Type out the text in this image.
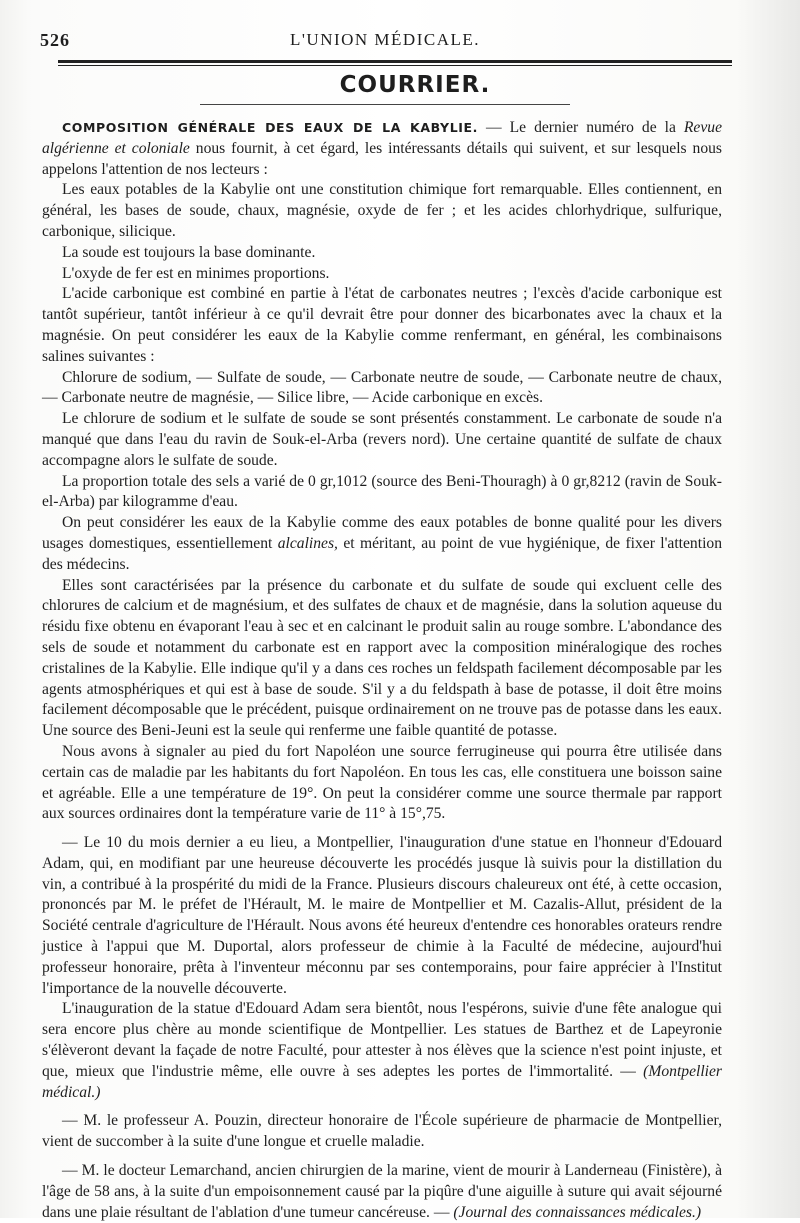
526	L'UNION MÉDICALE.
COURRIER.

COMPOSITION GÉNÉRALE DES EAUX DE LA KABYLIE. — Le dernier numéro de la Revue algérienne et coloniale nous fournit, à cet égard, les intéressants détails qui suivent, et sur lesquels nous appelons l'attention de nos lecteurs :

Les eaux potables de la Kabylie ont une constitution chimique fort remarquable. Elles contiennent, en général, les bases de soude, chaux, magnésie, oxyde de fer ; et les acides chlorhydrique, sulfurique, carbonique, silicique.

La soude est toujours la base dominante.

L'oxyde de fer est en minimes proportions.

L'acide carbonique est combiné en partie à l'état de carbonates neutres ; l'excès d'acide carbonique est tantôt supérieur, tantôt inférieur à ce qu'il devrait être pour donner des bicarbonates avec la chaux et la magnésie. On peut considérer les eaux de la Kabylie comme renfermant, en général, les combinaisons salines suivantes :

Chlorure de sodium, — Sulfate de soude, — Carbonate neutre de soude, — Carbonate neutre de chaux, — Carbonate neutre de magnésie, — Silice libre, — Acide carbonique en excès.

Le chlorure de sodium et le sulfate de soude se sont présentés constamment. Le carbonate de soude n'a manqué que dans l'eau du ravin de Souk-el-Arba (revers nord). Une certaine quantité de sulfate de chaux accompagne alors le sulfate de soude.

La proportion totale des sels a varié de 0 gr,1012 (source des Beni-Thouragh) à 0 gr,8212 (ravin de Souk-el-Arba) par kilogramme d'eau.

On peut considérer les eaux de la Kabylie comme des eaux potables de bonne qualité pour les divers usages domestiques, essentiellement alcalines, et méritant, au point de vue hygiénique, de fixer l'attention des médecins.

Elles sont caractérisées par la présence du carbonate et du sulfate de soude qui excluent celle des chlorures de calcium et de magnésium, et des sulfates de chaux et de magnésie, dans la solution aqueuse du résidu fixe obtenu en évaporant l'eau à sec et en calcinant le produit salin au rouge sombre. L'abondance des sels de soude et notamment du carbonate est en rapport avec la composition minéralogique des roches cristalines de la Kabylie. Elle indique qu'il y a dans ces roches un feldspath facilement décomposable par les agents atmosphériques et qui est à base de soude. S'il y a du feldspath à base de potasse, il doit être moins facilement décomposable que le précédent, puisque ordinairement on ne trouve pas de potasse dans les eaux. Une source des Beni-Jeuni est la seule qui renferme une faible quantité de potasse.

Nous avons à signaler au pied du fort Napoléon une source ferrugineuse qui pourra être utilisée dans certain cas de maladie par les habitants du fort Napoléon. En tous les cas, elle constituera une boisson saine et agréable. Elle a une température de 19°. On peut la considérer comme une source thermale par rapport aux sources ordinaires dont la température varie de 11° à 15°,75.

— Le 10 du mois dernier a eu lieu, a Montpellier, l'inauguration d'une statue en l'honneur d'Edouard Adam, qui, en modifiant par une heureuse découverte les procédés jusque là suivis pour la distillation du vin, a contribué à la prospérité du midi de la France. Plusieurs discours chaleureux ont été, à cette occasion, prononcés par M. le préfet de l'Hérault, M. le maire de Montpellier et M. Cazalis-Allut, président de la Société centrale d'agriculture de l'Hérault. Nous avons été heureux d'entendre ces honorables orateurs rendre justice à l'appui que M. Duportal, alors professeur de chimie à la Faculté de médecine, aujourd'hui professeur honoraire, prêta à l'inventeur méconnu par ses contemporains, pour faire apprécier à l'Institut l'importance de la nouvelle découverte.

L'inauguration de la statue d'Edouard Adam sera bientôt, nous l'espérons, suivie d'une fête analogue qui sera encore plus chère au monde scientifique de Montpellier. Les statues de Barthez et de Lapeyronie s'élèveront devant la façade de notre Faculté, pour attester à nos élèves que la science n'est point injuste, et que, mieux que l'industrie même, elle ouvre à ses adeptes les portes de l'immortalité. — (Montpellier médical.)

— M. le professeur A. Pouzin, directeur honoraire de l'École supérieure de pharmacie de Montpellier, vient de succomber à la suite d'une longue et cruelle maladie.

— M. le docteur Lemarchand, ancien chirurgien de la marine, vient de mourir à Landerneau (Finistère), à l'âge de 58 ans, à la suite d'un empoisonnement causé par la piqûre d'une aiguille à suture qui avait séjourné dans une plaie résultant de l'ablation d'une tumeur cancéreuse. — (Journal des connaissances médicales.)
